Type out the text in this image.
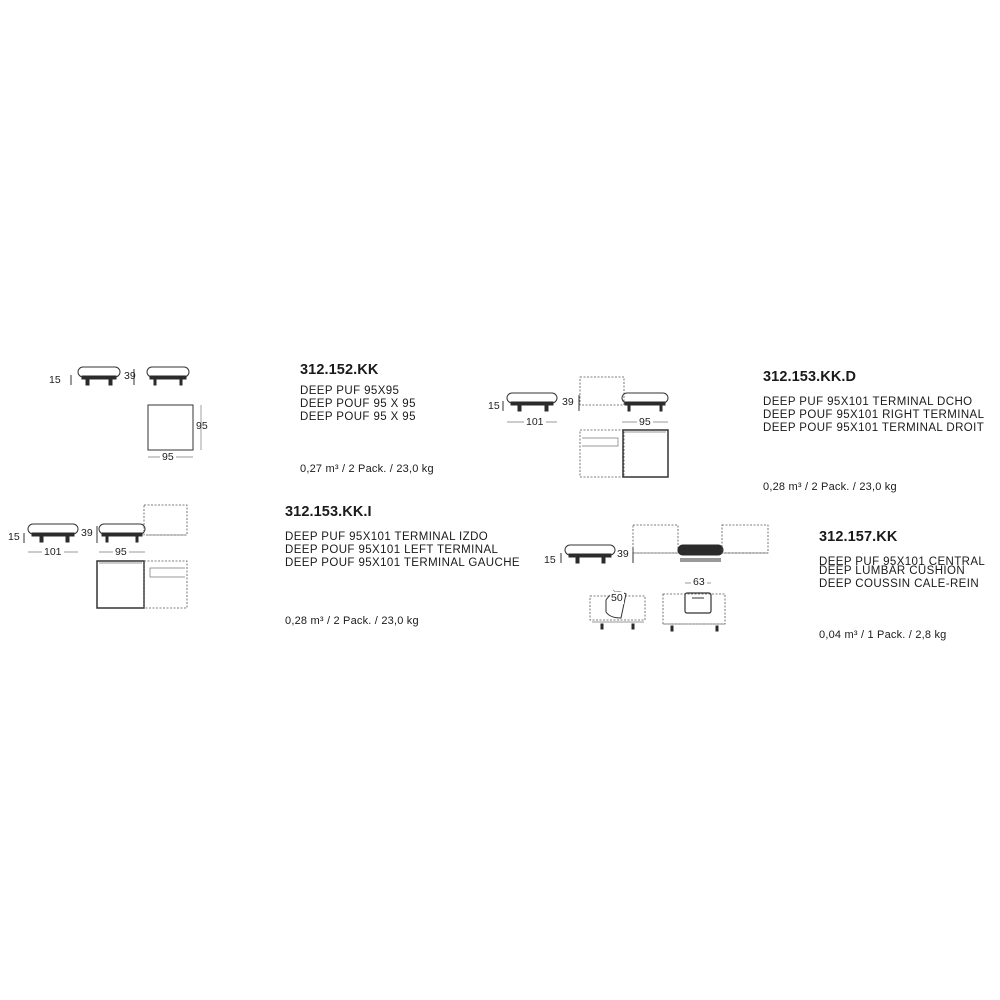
15	39
95
95
312.152.KK
DEEP PUF 95X95
DEEP POUF 95 X 95
DEEP POUF 95 X 95
0,27 m³ / 2 Pack. / 23,0 kg
15	39
101	95
312.153.KK.D
DEEP PUF 95X101 TERMINAL DCHO
DEEP POUF 95X101 RIGHT TERMINAL
DEEP POUF 95X101 TERMINAL DROIT
0,28 m³ / 2 Pack. / 23,0 kg
15	39
101	95
312.153.KK.I
DEEP PUF 95X101 TERMINAL IZDO
DEEP POUF 95X101 LEFT TERMINAL
DEEP POUF 95X101 TERMINAL GAUCHE
0,28 m³ / 2 Pack. / 23,0 kg
15	39
50
63
312.157.KK
DEEP PUF 95X101 CENTRAL
DEEP LUMBAR CUSHION
DEEP COUSSIN CALE-REIN
0,04 m³ / 1 Pack. / 2,8 kg
